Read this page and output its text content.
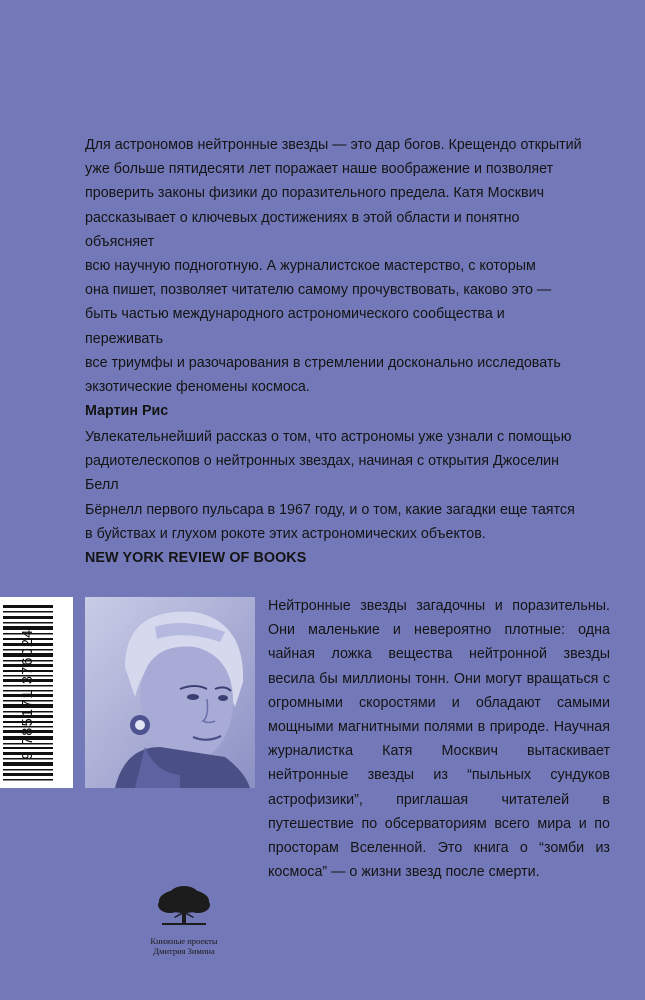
Для астрономов нейтронные звезды — это дар богов. Крещендо открытий
уже больше пятидесяти лет поражает наше воображение и позволяет
проверить законы физики до поразительного предела. Катя Москвич
рассказывает о ключевых достижениях в этой области и понятно объясняет
всю научную подноготную. А журналистское мастерство, с которым
она пишет, позволяет читателю самому прочувствовать, каково это —
быть частью международного астрономического сообщества и переживать
все триумфы и разочарования в стремлении досконально исследовать
экзотические феномены космоса.
Мартин Рис
Увлекательнейший рассказ о том, что астрономы уже узнали с помощью
радиотелескопов о нейтронных звездах, начиная с открытия Джоселин Белл
Бёрнелл первого пульсара в 1967 году, и о том, какие загадки еще таятся
в буйствах и глухом рокоте этих астрономических объектов.
NEW YORK REVIEW OF BOOKS
9 785171 376024
Нейтронные звезды загадочны и поразительны. Они маленькие и невероятно плотные: одна чайная ложка вещества нейтронной звезды весила бы миллионы тонн. Они могут вращаться с огромными скоростями и обладают самыми мощными магнитными полями в природе. Научная журналистка Катя Москвич вытаскивает нейтронные звезды из “пыльных сундуков астрофизики”, приглашая читателей в путешествие по обсерваториям всего мира и по просторам Вселенной. Это книга о “зомби из космоса” — о жизни звезд после смерти.
Книжные проекты
Дмитрия Зимина
